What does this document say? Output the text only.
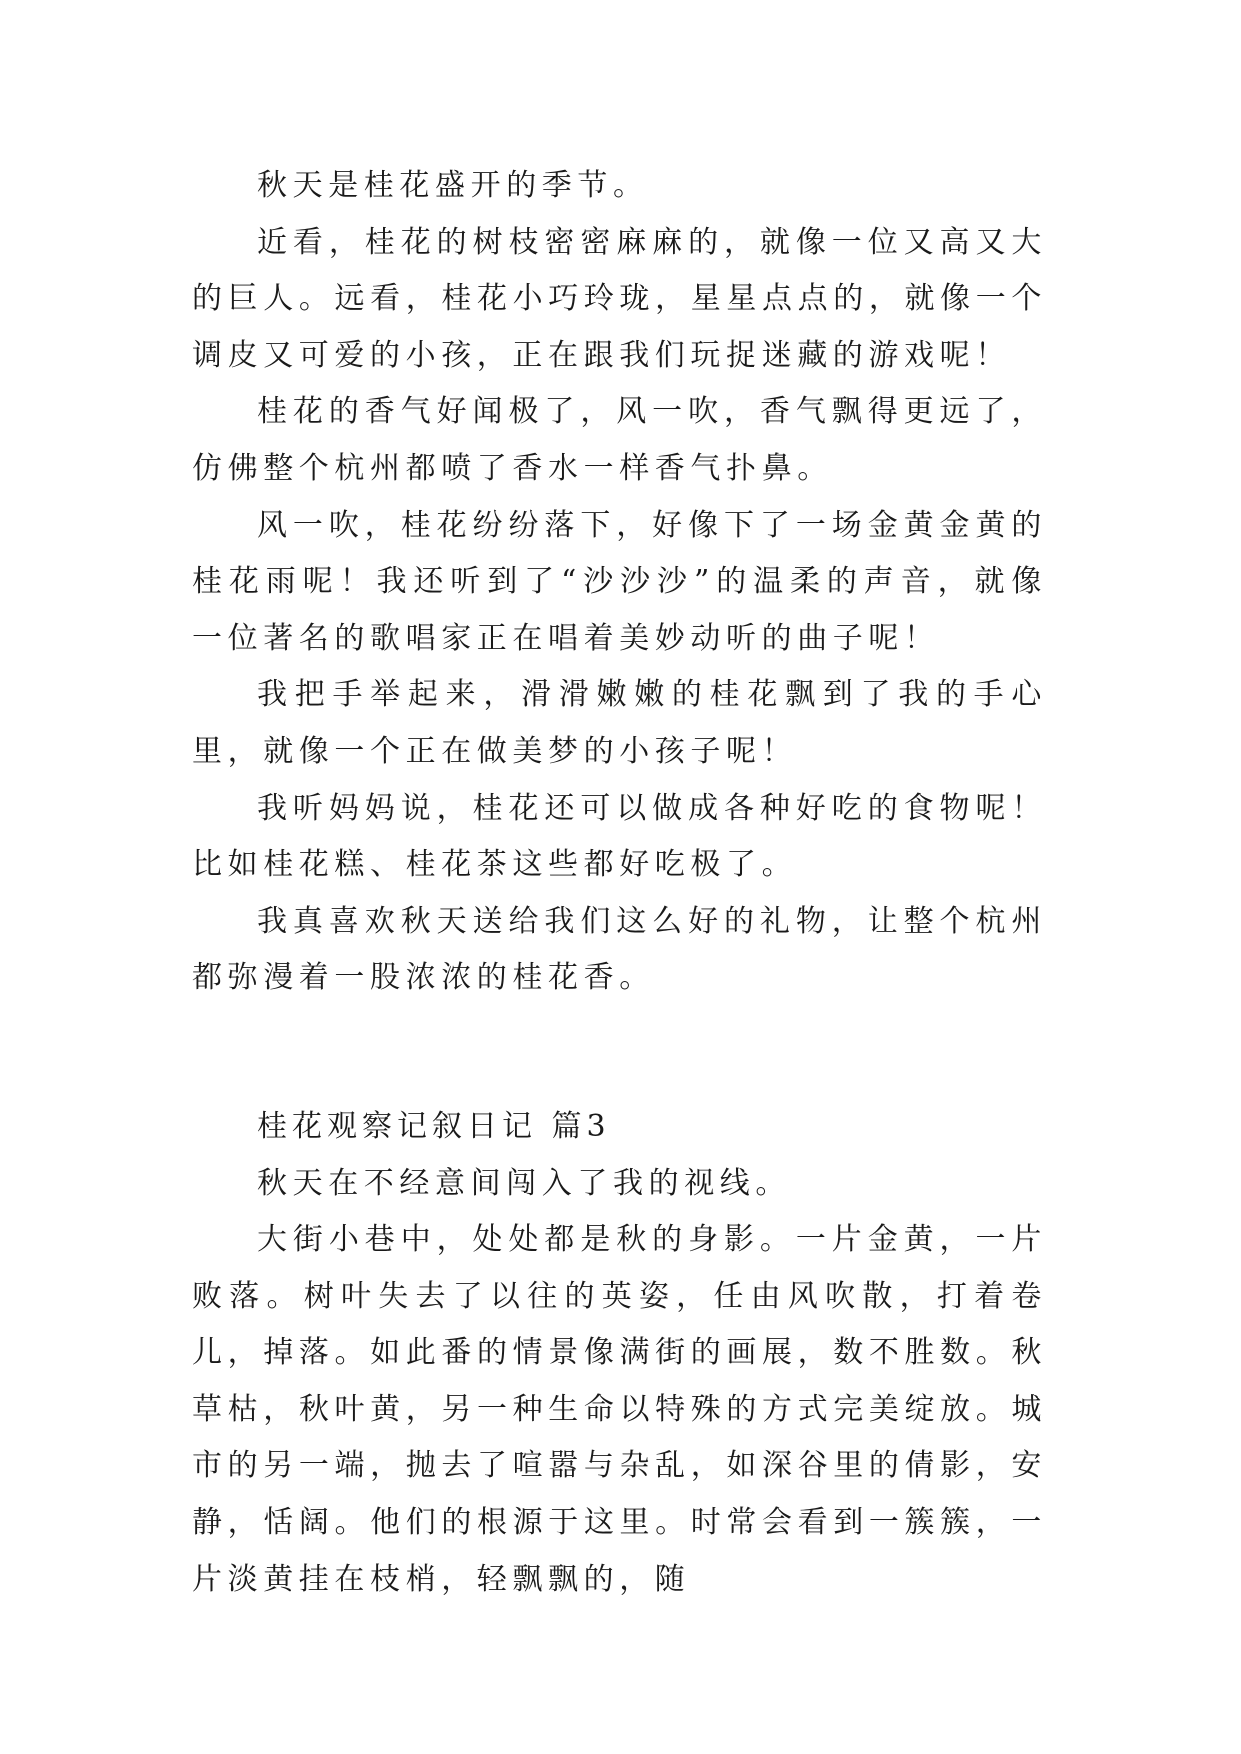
秋天是桂花盛开的季节。

近看，桂花的树枝密密麻麻的，就像一位又高又大的巨人。远看，桂花小巧玲珑，星星点点的，就像一个调皮又可爱的小孩，正在跟我们玩捉迷藏的游戏呢！

桂花的香气好闻极了，风一吹，香气飘得更远了，仿佛整个杭州都喷了香水一样香气扑鼻。

风一吹，桂花纷纷落下，好像下了一场金黄金黄的桂花雨呢！我还听到了“沙沙沙”的温柔的声音，就像一位著名的歌唱家正在唱着美妙动听的曲子呢！

我把手举起来，滑滑嫩嫩的桂花飘到了我的手心里，就像一个正在做美梦的小孩子呢！

我听妈妈说，桂花还可以做成各种好吃的食物呢！比如桂花糕、桂花茶这些都好吃极了。

我真喜欢秋天送给我们这么好的礼物，让整个杭州都弥漫着一股浓浓的桂花香。

桂花观察记叙日记 篇3

秋天在不经意间闯入了我的视线。

大街小巷中，处处都是秋的身影。一片金黄，一片败落。树叶失去了以往的英姿，任由风吹散，打着卷儿，掉落。如此番的情景像满街的画展，数不胜数。秋草枯，秋叶黄，另一种生命以特殊的方式完美绽放。城市的另一端，抛去了喧嚣与杂乱，如深谷里的倩影，安静，恬阔。他们的根源于这里。时常会看到一簇簇，一片淡黄挂在枝梢，轻飘飘的，随
